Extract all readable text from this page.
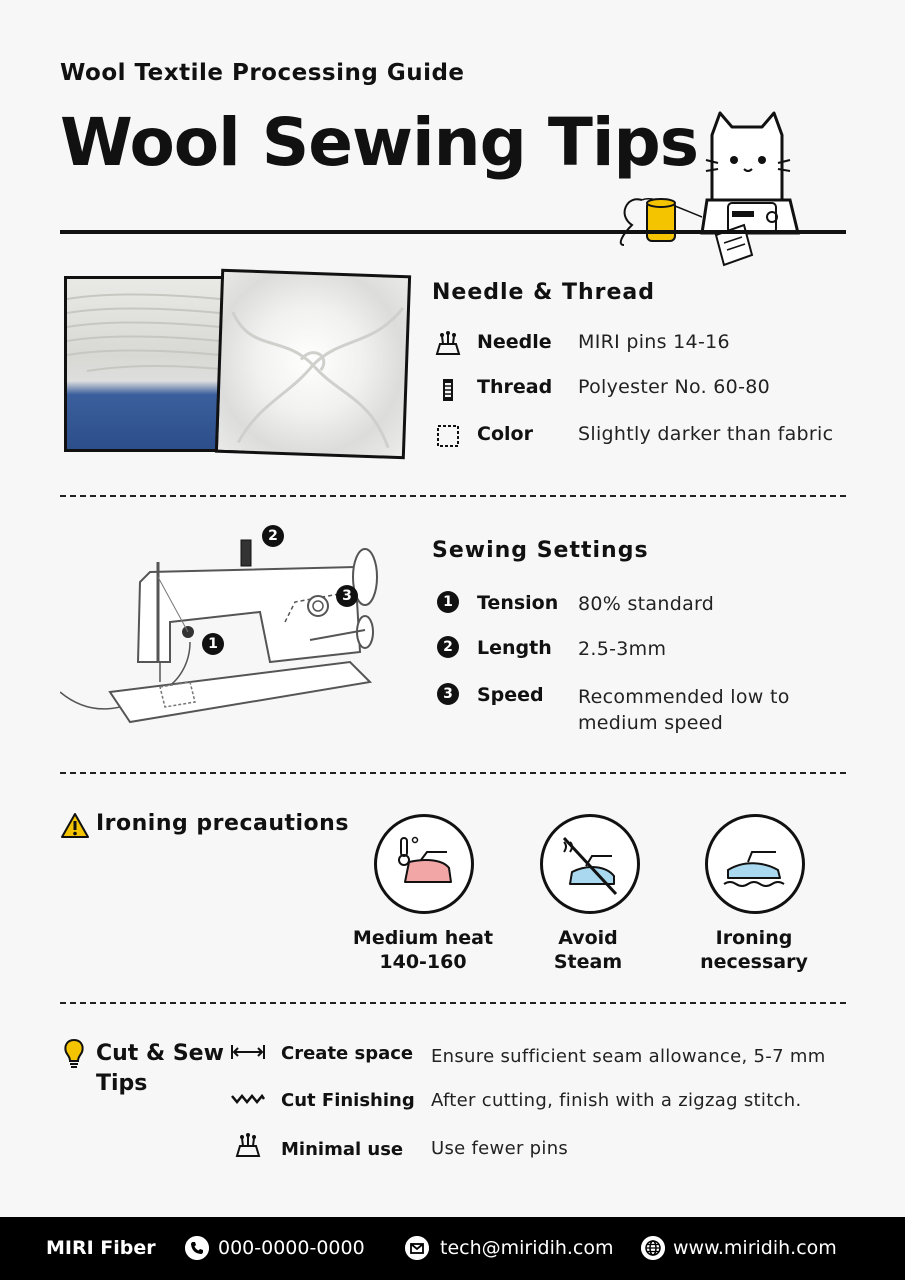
Wool Textile Processing Guide
Wool Sewing Tips
Needle & Thread
Needle MIRI pins 14-16
Thread Polyester No. 60-80
Color Slightly darker than fabric
2
3
1
Sewing Settings
1	Tension 80% standard
2	Length 2.5-3mm
3	Speed Recommended low to medium speed
Ironing precautions
Medium heat
140-160
Avoid
Steam
Ironing
necessary
Cut & Sew
Tips
Create space Ensure sufficient seam allowance, 5-7 mm
Cut Finishing After cutting, finish with a zigzag stitch.
Minimal use Use fewer pins
MIRI Fiber	000-0000-0000	tech@miridih.com	www.miridih.com
